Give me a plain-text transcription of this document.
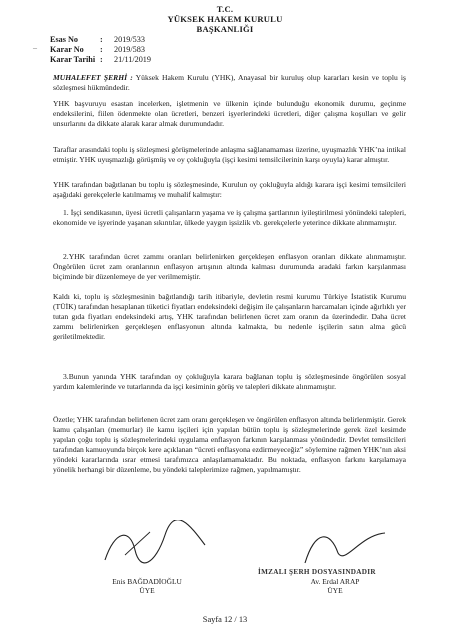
T.C.
YÜKSEK HAKEM KURULU
BAŞKANLIĞI
–
Esas No	: 2019/533
Karar No : 2019/583
Karar Tarihi : 21/11/2019

MUHALEFET ŞERHİ : Yüksek Hakem Kurulu (YHK), Anayasal bir kuruluş olup kararları kesin ve toplu iş sözleşmesi hükmündedir.

YHK başvuruyu esastan incelerken, işletmenin ve ülkenin içinde bulunduğu ekonomik durumu, geçinme endeksilerini, fiilen ödenmekte olan ücretleri, benzeri işyerlerindeki ücretleri, diğer çalışma koşulları ve gelir unsurlarını da dikkate alarak karar almak durumundadır.

Taraflar arasındaki toplu iş sözleşmesi görüşmelerinde anlaşma sağlanamaması üzerine, uyuşmazlık YHK’na intikal etmiştir. YHK uyuşmazlığı görüşmüş ve oy çokluğuyla (işçi kesimi temsilcilerinin karşı oyuyla) karar almıştır.

YHK tarafından bağıtlanan bu toplu iş sözleşmesinde, Kurulun oy çokluğuyla aldığı karara işçi kesimi temsilcileri aşağıdaki gerekçelerle katılmamış ve muhalif kalmıştır:

1. İşçi sendikasının, üyesi ücretli çalışanların yaşama ve iş çalışma şartlarının iyileştirilmesi yönündeki talepleri, ekonomide ve işyerinde yaşanan sıkıntılar, ülkede yaygın işsizlik vb. gerekçelerle yeterince dikkate alınmamıştır.

2.YHK tarafından ücret zammı oranları belirlenirken gerçekleşen enflasyon oranları dikkate alınmamıştır. Öngörülen ücret zam oranlarının enflasyon artışının altında kalması durumunda aradaki farkın karşılanması biçiminde bir düzenlemeye de yer verilmemiştir.

Kaldı ki, toplu iş sözleşmesinin bağıtlandığı tarih itibariyle, devletin resmi kurumu Türkiye İstatistik Kurumu (TÜİK) tarafından hesaplanan tüketici fiyatları endeksindeki değişim ile çalışanların harcamaları içinde ağırlıklı yer tutan gıda fiyatları endeksindeki artış, YHK tarafından belirlenen ücret zam oranın da üzerindedir. Daha ücret zammı belirlenirken gerçekleşen enflasyonun altında kalmakta, bu nedenle işçilerin satın alma gücü geriletilmektedir.

3.Bunun yanında YHK tarafından oy çokluğuyla karara bağlanan toplu iş sözleşmesinde öngörülen sosyal yardım kalemlerinde ve tutarlarında da işçi kesiminin görüş ve talepleri dikkate alınmamıştır.

Özetle; YHK tarafından belirlenen ücret zam oranı gerçekleşen ve öngörülen enflasyon altında belirlenmiştir. Gerek kamu çalışanları (memurlar) ile kamu işçileri için yapılan bütün toplu iş sözleşmelerinde gerek özel kesimde yapılan çoğu toplu iş sözleşmelerindeki uygulama enflasyon farkının karşılanması yönündedir. Devlet temsilcileri tarafından kamuoyunda birçok kere açıklanan “ücreti enflasyona ezdirmeyeceğiz” söylemine rağmen YHK’nın aksi yöndeki kararlarında ısrar etmesi tarafımızca anlaşılamamaktadır. Bu noktada, enflasyon farkını karşılamaya yönelik herhangi bir düzenleme, bu yöndeki taleplerimize rağmen, yapılmamıştır.

İMZALI ŞERH DOSYASINDADIR
Enis BAĞDADİOĞLU
ÜYE
Av. Erdal ARAP
ÜYE
Sayfa 12 / 13
